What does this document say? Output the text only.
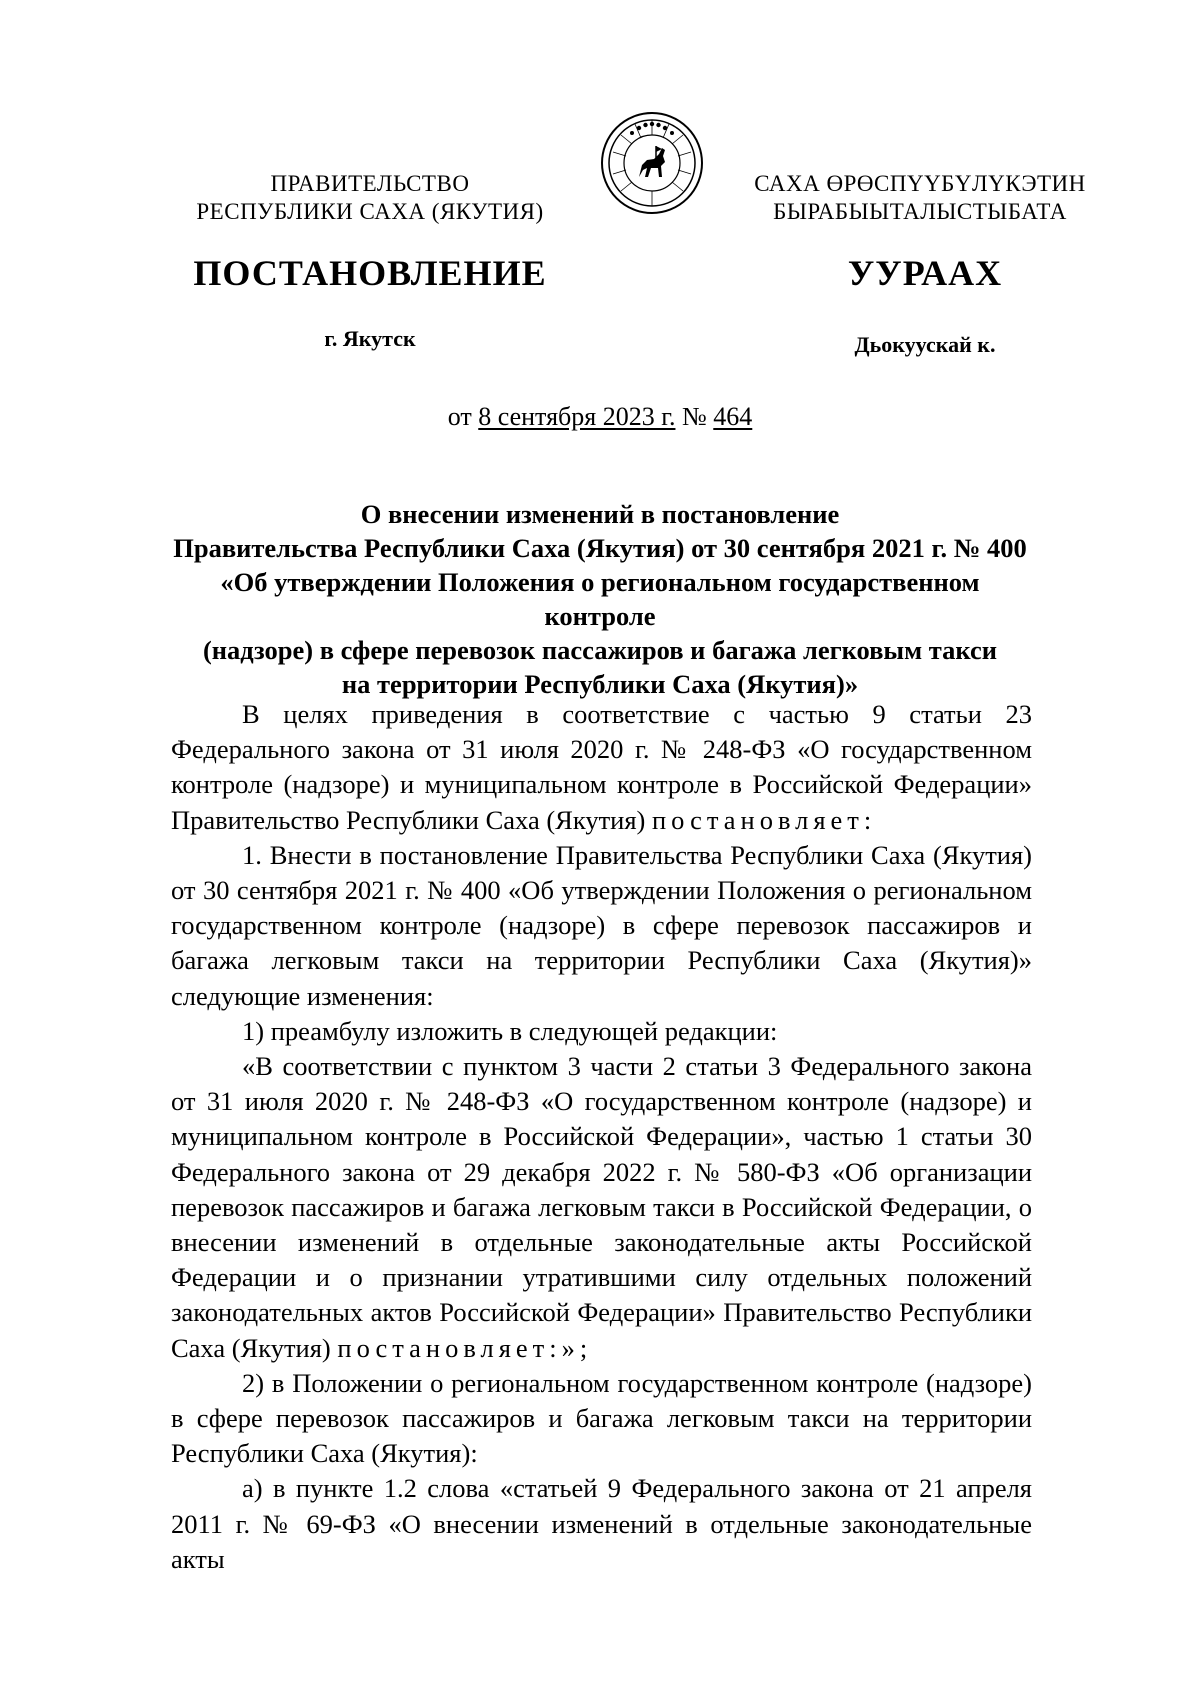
ПРАВИТЕЛЬСТВО
РЕСПУБЛИКИ САХА (ЯКУТИЯ)
САХА ӨРӨСПҮҮБҮЛҮКЭТИН
БЫРАБЫЫТАЛЫСТЫБАТА
ПОСТАНОВЛЕНИЕ	УУРААХ
г. Якутск	Дьокуускай к.
от 8 сентября 2023 г. № 464
О внесении изменений в постановление
Правительства Республики Саха (Якутия) от 30 сентября 2021 г. № 400
«Об утверждении Положения о региональном государственном контроле
(надзоре) в сфере перевозок пассажиров и багажа легковым такси
на территории Республики Саха (Якутия)»

В целях приведения в соответствие с частью 9 статьи 23 Федерального закона от 31 июля 2020 г. № 248-ФЗ «О государственном контроле (надзоре) и муниципальном контроле в Российской Федерации» Правительство Республики Саха (Якутия) постановляет:

1. Внести в постановление Правительства Республики Саха (Якутия) от 30 сентября 2021 г. № 400 «Об утверждении Положения о региональном государственном контроле (надзоре) в сфере перевозок пассажиров и багажа легковым такси на территории Республики Саха (Якутия)» следующие изменения:

1) преамбулу изложить в следующей редакции:

«В соответствии с пунктом 3 части 2 статьи 3 Федерального закона от 31 июля 2020 г. № 248-ФЗ «О государственном контроле (надзоре) и муниципальном контроле в Российской Федерации», частью 1 статьи 30 Федерального закона от 29 декабря 2022 г. № 580-ФЗ «Об организации перевозок пассажиров и багажа легковым такси в Российской Федерации, о внесении изменений в отдельные законодательные акты Российской Федерации и о признании утратившими силу отдельных положений законодательных актов Российской Федерации» Правительство Республики Саха (Якутия) постановляет:»;

2) в Положении о региональном государственном контроле (надзоре) в сфере перевозок пассажиров и багажа легковым такси на территории Республики Саха (Якутия):

а) в пункте 1.2 слова «статьей 9 Федерального закона от 21 апреля 2011 г. № 69-ФЗ «О внесении изменений в отдельные законодательные акты
